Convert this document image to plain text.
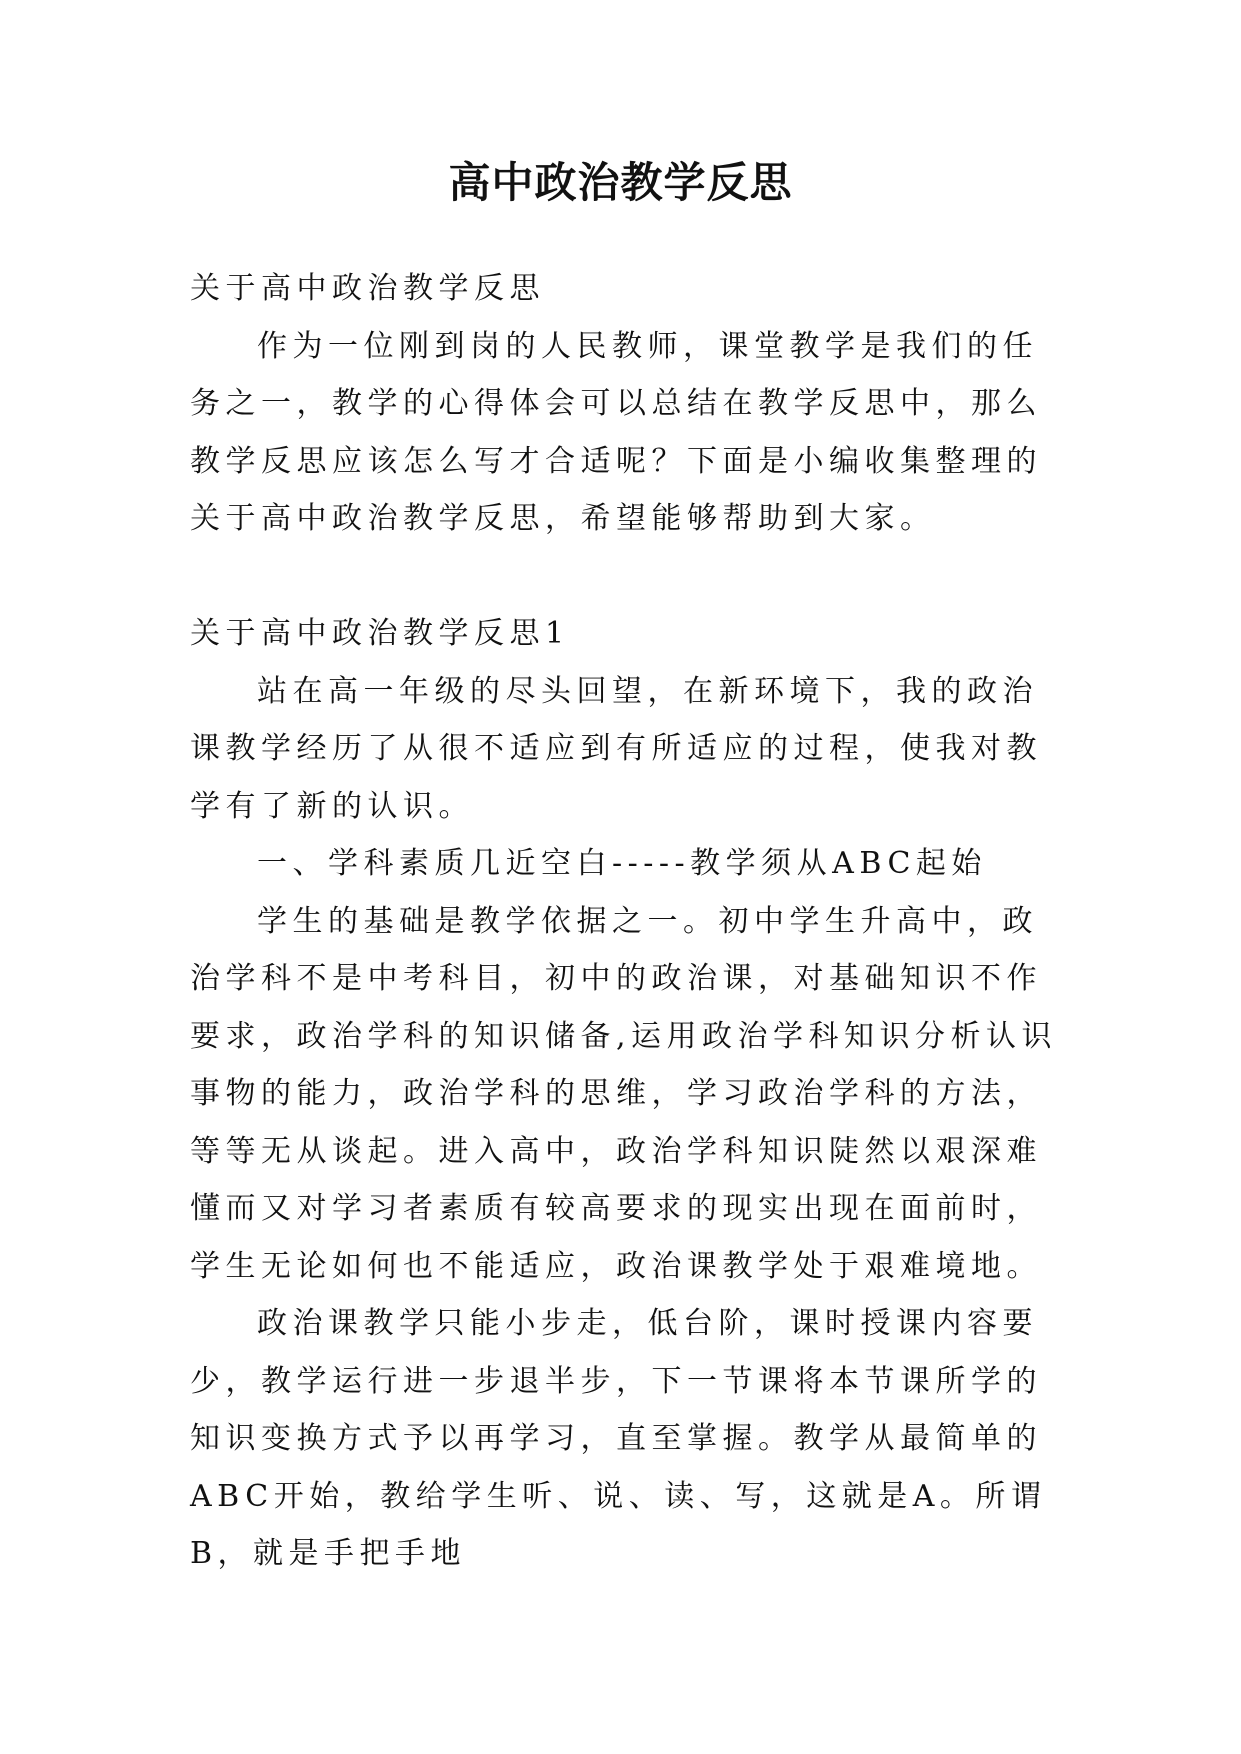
高中政治教学反思

关于高中政治教学反思

作为一位刚到岗的人民教师，课堂教学是我们的任务之一，教学的心得体会可以总结在教学反思中，那么教学反思应该怎么写才合适呢？下面是小编收集整理的关于高中政治教学反思，希望能够帮助到大家。

关于高中政治教学反思1

站在高一年级的尽头回望，在新环境下，我的政治课教学经历了从很不适应到有所适应的过程，使我对教学有了新的认识。

一、学科素质几近空白-----教学须从ABC起始

学生的基础是教学依据之一。初中学生升高中，政治学科不是中考科目，初中的政治课，对基础知识不作要求，政治学科的知识储备,运用政治学科知识分析认识事物的能力，政治学科的思维，学习政治学科的方法，等等无从谈起。进入高中，政治学科知识陡然以艰深难懂而又对学习者素质有较高要求的现实出现在面前时，学生无论如何也不能适应，政治课教学处于艰难境地。

政治课教学只能小步走，低台阶，课时授课内容要少，教学运行进一步退半步，下一节课将本节课所学的知识变换方式予以再学习，直至掌握。教学从最简单的ABC开始，教给学生听、说、读、写，这就是A。所谓B，就是手把手地
